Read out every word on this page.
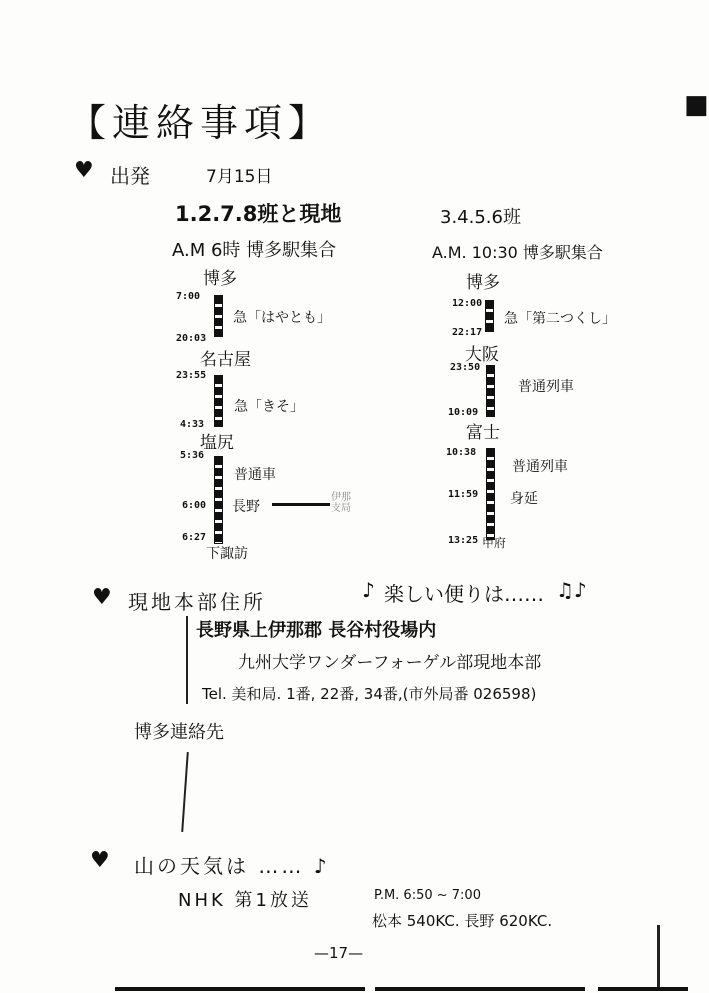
【連絡事項】	■
♥ 出発	7月15日
1.2.7.8班と現地
A.M 6時 博多駅集合
博多
7:00
急「はやとも」
20:03
名古屋
23:55
急「きそ」
4:33
塩尻
5:36
普通車
6:00 長野
伊那
支局
6:27
下諏訪
3.4.5.6班
A.M. 10:30 博多駅集合
博多
12:00
急「第二つくし」
22:17
大阪
23:50
普通列車
10:09
富士
10:38
普通列車
11:59 身延
13:25 甲府
♥ 現地本部住所	♪ 楽しい便りは…… ♫♪
長野県上伊那郡 長谷村役場内
九州大学ワンダーフォーゲル部現地本部
Tel. 美和局. 1番, 22番, 34番,(市外局番 026598)
博多連絡先
♥ 山の天気は …… ♪
NHK 第1放送	P.M. 6:50 ~ 7:00
松本 540KC. 長野 620KC.
—17—
